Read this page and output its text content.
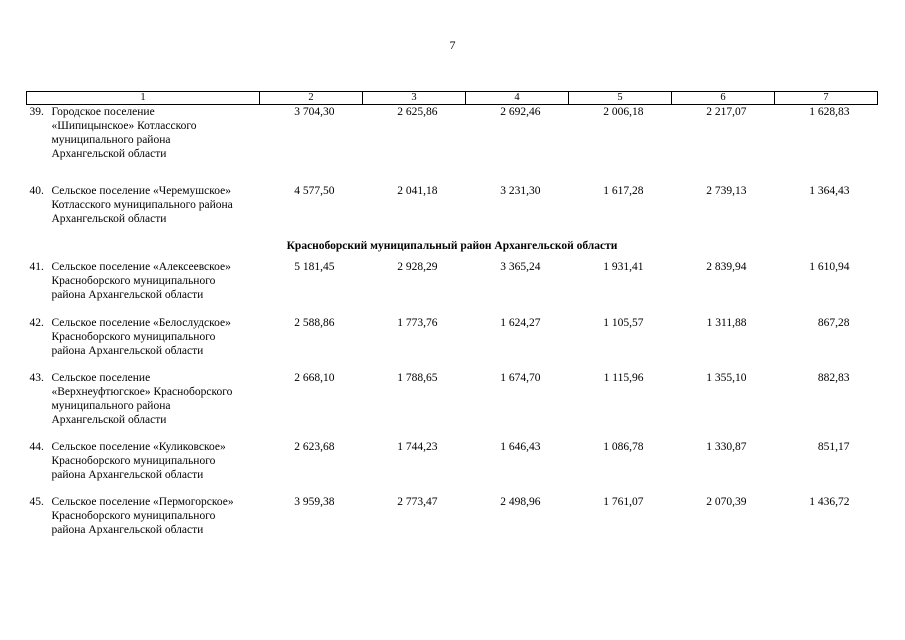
7
1	2	3	4	5	6	7

39. Городское поселение
«Шипицынское» Котласского
муниципального района
Архангельской области	3 704,30	2 625,86	2 692,46	2 006,18	2 217,07	1 628,83

40. Сельское поселение «Черемушское»
Котласского муниципального района
Архангельской области	4 577,50	2 041,18	3 231,30	1 617,28	2 739,13	1 364,43
Красноборский муниципальный район Архангельской области						

41. Сельское поселение «Алексеевское»
Красноборского муниципального
района Архангельской области	5 181,45	2 928,29	3 365,24	1 931,41	2 839,94	1 610,94

42. Сельское поселение «Белослудское»
Красноборского муниципального
района Архангельской области	2 588,86	1 773,76	1 624,27	1 105,57	1 311,88	867,28

43. Сельское поселение
«Верхнеуфтюгское» Красноборского
муниципального района
Архангельской области	2 668,10	1 788,65	1 674,70	1 115,96	1 355,10	882,83

44. Сельское поселение «Куликовское»
Красноборского муниципального
района Архангельской области	2 623,68	1 744,23	1 646,43	1 086,78	1 330,87	851,17

45. Сельское поселение «Пермогорское»
Красноборского муниципального
района Архангельской области	3 959,38	2 773,47	2 498,96	1 761,07	2 070,39	1 436,72
